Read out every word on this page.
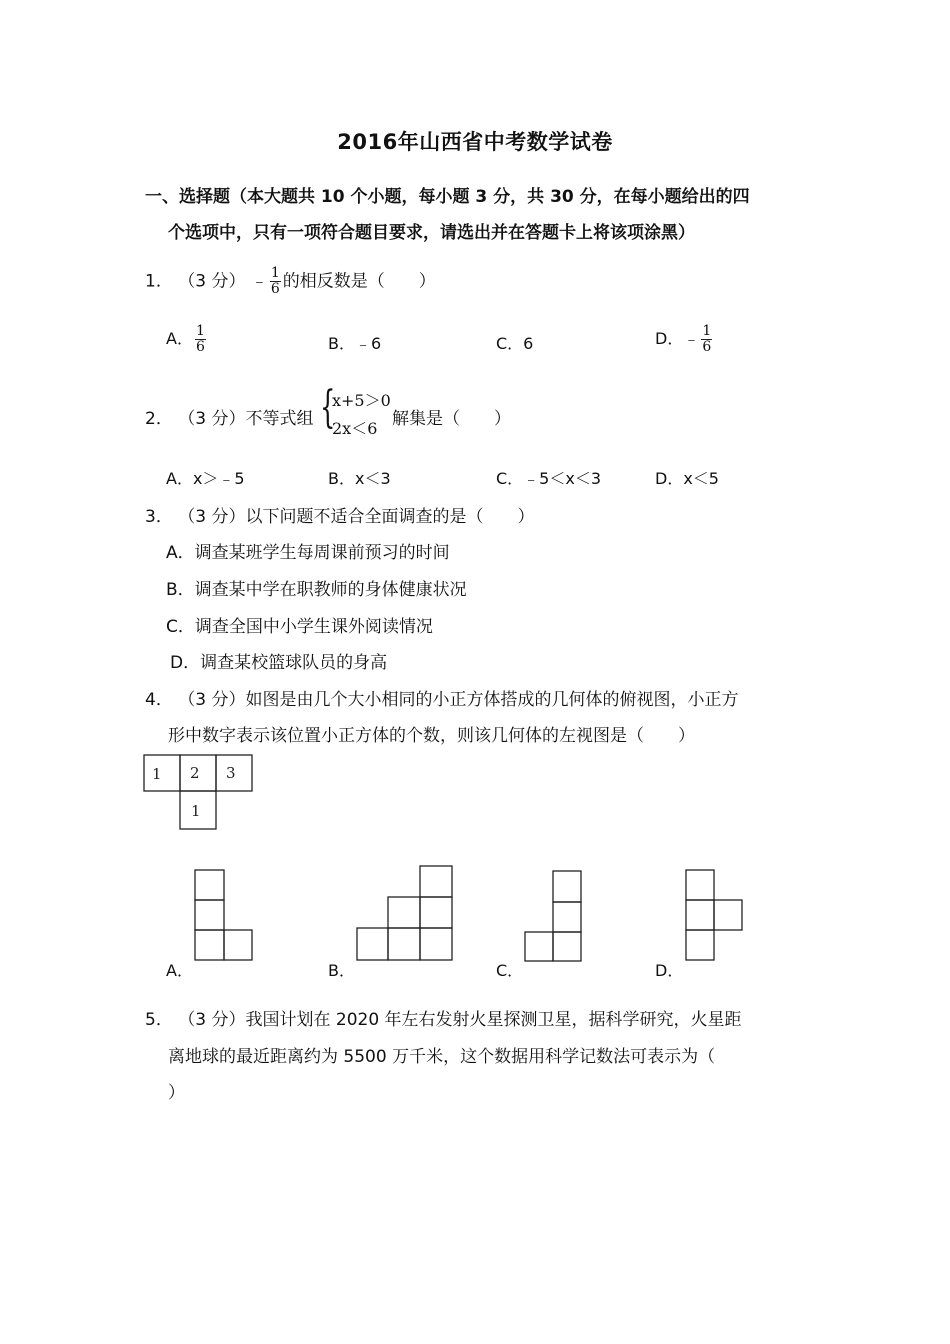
2016年山西省中考数学试卷
一、选择题（本大题共 10 个小题，每小题 3 分，共 30 分，在每小题给出的四
个选项中，只有一项符合题目要求，请选出并在答题卡上将该项涂黑）
1． （3 分） ﹣ $\frac{1}{6}$ 的相反数是（　　）
A． $\frac{1}{6}$	B．﹣6	C．6	D．﹣ $\frac{1}{6}$
2． （3 分）不等式组 {
x+5＞0
2x＜6 解集是（　　）
A．x＞﹣5	B．x＜3	C．﹣5＜x＜3	D．x＜5
3． （3 分）以下问题不适合全面调查的是（　　）
A．调查某班学生每周课前预习的时间
B．调查某中学在职教师的身体健康状况
C．调查全国中小学生课外阅读情况
D．调查某校篮球队员的身高
4． （3 分）如图是由几个大小相同的小正方体搭成的几何体的俯视图，小正方
形中数字表示该位置小正方体的个数，则该几何体的左视图是（　　）
1 2 3
1
A．	B．	C．	D．
5． （3 分）我国计划在 2020 年左右发射火星探测卫星，据科学研究，火星距
离地球的最近距离约为 5500 万千米，这个数据用科学记数法可表示为（
）
